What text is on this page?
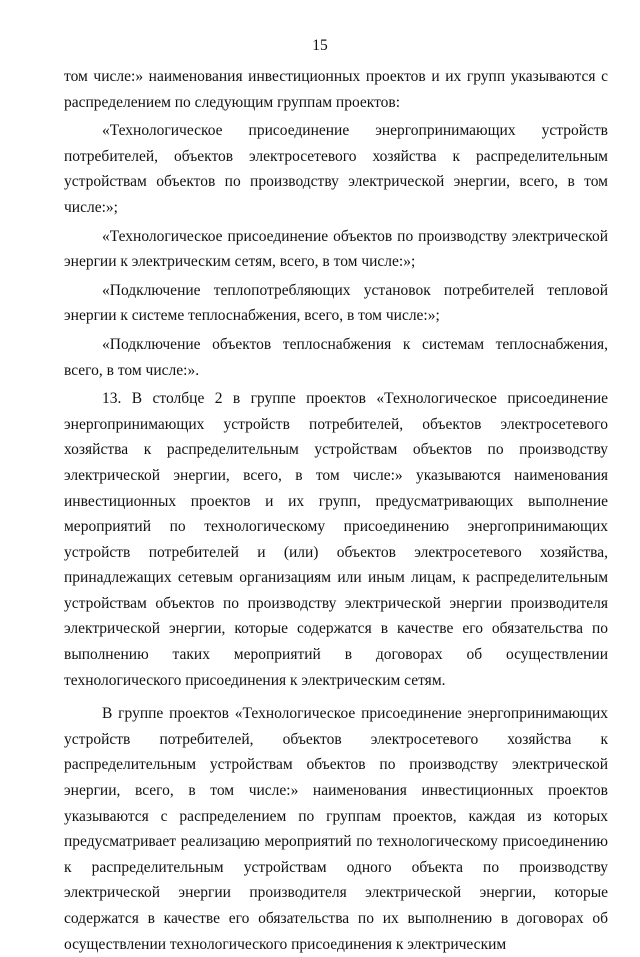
15

том числе:» наименования инвестиционных проектов и их групп указываются с распределением по следующим группам проектов:

«Технологическое присоединение энергопринимающих устройств потребителей, объектов электросетевого хозяйства к распределительным устройствам объектов по производству электрической энергии, всего, в том числе:»;

«Технологическое присоединение объектов по производству электрической энергии к электрическим сетям, всего, в том числе:»;

«Подключение теплопотребляющих установок потребителей тепловой энергии к системе теплоснабжения, всего, в том числе:»;

«Подключение объектов теплоснабжения к системам теплоснабжения, всего, в том числе:».

13. В столбце 2 в группе проектов «Технологическое присоединение энергопринимающих устройств потребителей, объектов электросетевого хозяйства к распределительным устройствам объектов по производству электрической энергии, всего, в том числе:» указываются наименования инвестиционных проектов и их групп, предусматривающих выполнение мероприятий по технологическому присоединению энергопринимающих устройств потребителей и (или) объектов электросетевого хозяйства, принадлежащих сетевым организациям или иным лицам, к распределительным устройствам объектов по производству электрической энергии производителя электрической энергии, которые содержатся в качестве его обязательства по выполнению таких мероприятий в договорах об осуществлении технологического присоединения к электрическим сетям.

В группе проектов «Технологическое присоединение энергопринимающих устройств потребителей, объектов электросетевого хозяйства к распределительным устройствам объектов по производству электрической энергии, всего, в том числе:» наименования инвестиционных проектов указываются с распределением по группам проектов, каждая из которых предусматривает реализацию мероприятий по технологическому присоединению к распределительным устройствам одного объекта по производству электрической энергии производителя электрической энергии, которые содержатся в качестве его обязательства по их выполнению в договорах об осуществлении технологического присоединения к электрическим
